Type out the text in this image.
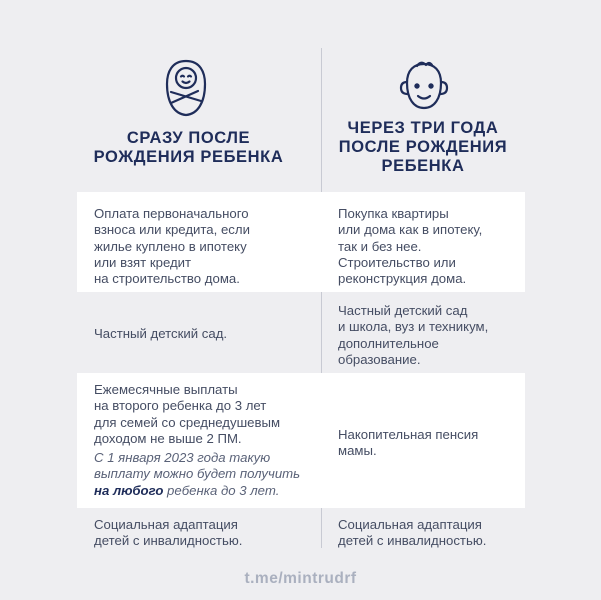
СРАЗУ ПОСЛЕ
РОЖДЕНИЯ РЕБЕНКА
ЧЕРЕЗ ТРИ ГОДА
ПОСЛЕ РОЖДЕНИЯ
РЕБЕНКА
Оплата первоначального
взноса или кредита, если
жилье куплено в ипотеку
или взят кредит
на строительство дома.
Покупка квартиры
или дома как в ипотеку,
так и без нее.
Строительство или
реконструкция дома.
Частный детский сад.
Частный детский сад
и школа, вуз и техникум,
дополнительное
образование.
Ежемесячные выплаты
на второго ребенка до 3 лет
для семей со среднедушевым
доходом не выше 2 ПМ.
С 1 января 2023 года такую
выплату можно будет получить
на любого ребенка до 3 лет.
Накопительная пенсия
мамы.
Социальная адаптация
детей с инвалидностью.
Социальная адаптация
детей с инвалидностью.
t.me/mintrudrf
